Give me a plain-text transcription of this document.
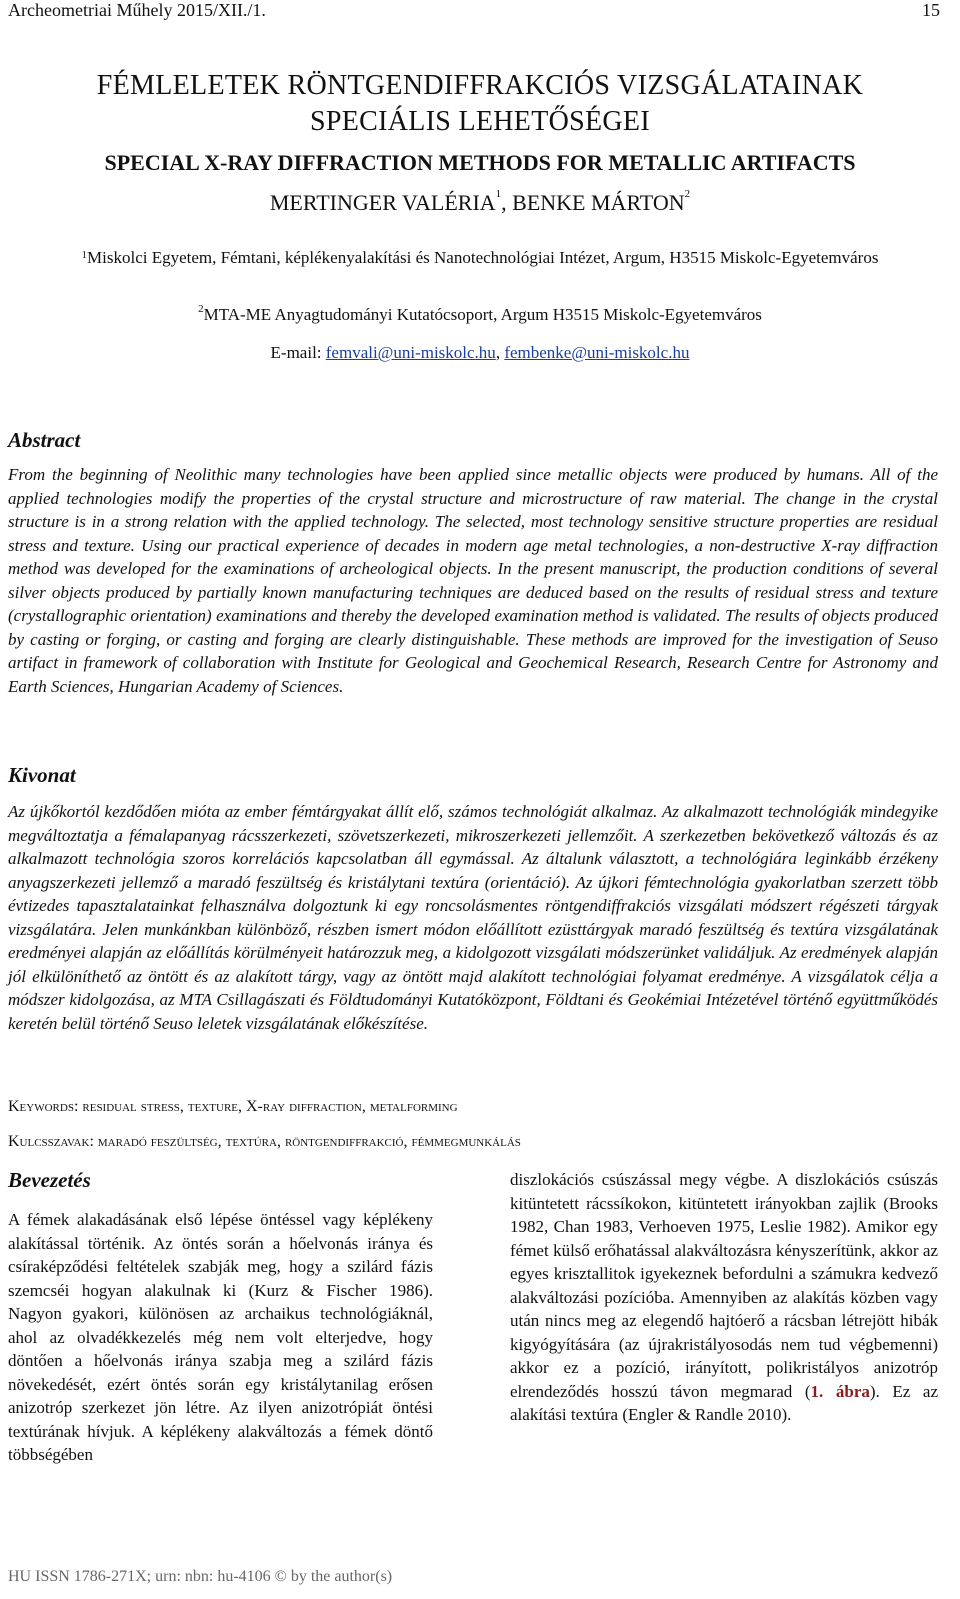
Archeometriai Műhely 2015/XII./1.	15
FÉMLELETEK RÖNTGENDIFFRAKCIÓS VIZSGÁLATAINAK
SPECIÁLIS LEHETŐSÉGEI
SPECIAL X-RAY DIFFRACTION METHODS FOR METALLIC ARTIFACTS
MERTINGER VALÉRIA$^1$, BENKE MÁRTON$^2$
$^1$Miskolci Egyetem, Fémtani, képlékenyalakítási és Nanotechnológiai Intézet, Argum, H3515 Miskolc-Egyetemváros
$^2$MTA-ME Anyagtudományi Kutatócsoport, Argum H3515 Miskolc-Egyetemváros
E-mail: femvali@uni-miskolc.hu, fembenke@uni-miskolc.hu
Abstract
From the beginning of Neolithic many technologies have been applied since metallic objects were produced by humans. All of the applied technologies modify the properties of the crystal structure and microstructure of raw material. The change in the crystal structure is in a strong relation with the applied technology. The selected, most technology sensitive structure properties are residual stress and texture. Using our practical experience of decades in modern age metal technologies, a non-destructive X-ray diffraction method was developed for the examinations of archeological objects. In the present manuscript, the production conditions of several silver objects produced by partially known manufacturing techniques are deduced based on the results of residual stress and texture (crystallographic orientation) examinations and thereby the developed examination method is validated. The results of objects produced by casting or forging, or casting and forging are clearly distinguishable. These methods are improved for the investigation of Seuso artifact in framework of collaboration with Institute for Geological and Geochemical Research, Research Centre for Astronomy and Earth Sciences, Hungarian Academy of Sciences.
Kivonat
Az újkőkortól kezdődően mióta az ember fémtárgyakat állít elő, számos technológiát alkalmaz. Az alkalmazott technológiák mindegyike megváltoztatja a fémalapanyag rácsszerkezeti, szövetszerkezeti, mikroszerkezeti jellemzőit. A szerkezetben bekövetkező változás és az alkalmazott technológia szoros korrelációs kapcsolatban áll egymással. Az általunk választott, a technológiára leginkább érzékeny anyagszerkezeti jellemző a maradó feszültség és kristálytani textúra (orientáció). Az újkori fémtechnológia gyakorlatban szerzett több évtizedes tapasztalatainkat felhasználva dolgoztunk ki egy roncsolásmentes röntgendiffrakciós vizsgálati módszert régészeti tárgyak vizsgálatára. Jelen munkánkban különböző, részben ismert módon előállított ezüsttárgyak maradó feszültség és textúra vizsgálatának eredményei alapján az előállítás körülményeit határozzuk meg, a kidolgozott vizsgálati módszerünket validáljuk. Az eredmények alapján jól elkülöníthető az öntött és az alakított tárgy, vagy az öntött majd alakított technológiai folyamat eredménye. A vizsgálatok célja a módszer kidolgozása, az MTA Csillagászati és Földtudományi Kutatóközpont, Földtani és Geokémiai Intézetével történő együttműködés keretén belül történő Seuso leletek vizsgálatának előkészítése.
Keywords: residual stress, texture, X-ray diffraction, metalforming
Kulcsszavak: maradó feszültség, textúra, röntgendiffrakció, fémmegmunkálás
Bevezetés
A fémek alakadásának első lépése öntéssel vagy képlékeny alakítással történik. Az öntés során a hőelvonás iránya és csíraképződési feltételek szabják meg, hogy a szilárd fázis szemcséi hogyan alakulnak ki (Kurz & Fischer 1986). Nagyon gyakori, különösen az archaikus technológiáknál, ahol az olvadékkezelés még nem volt elterjedve, hogy döntően a hőelvonás iránya szabja meg a szilárd fázis növekedését, ezért öntés során egy kristálytanilag erősen anizotróp szerkezet jön létre. Az ilyen anizotrópiát öntési textúrának hívjuk. A képlékeny alakváltozás a fémek döntő többségében
diszlokációs csúszással megy végbe. A diszlokációs csúszás kitüntetett rácssíkokon, kitüntetett irányokban zajlik (Brooks 1982, Chan 1983, Verhoeven 1975, Leslie 1982). Amikor egy fémet külső erőhatással alakváltozásra kényszerítünk, akkor az egyes krisztallitok igyekeznek befordulni a számukra kedvező alakváltozási pozícióba. Amennyiben az alakítás közben vagy után nincs meg az elegendő hajtóerő a rácsban létrejött hibák kigyógyítására (az újrakristályosodás nem tud végbemenni) akkor ez a pozíció, irányított, polikristályos anizotróp elrendeződés hosszú távon megmarad (1. ábra). Ez az alakítási textúra (Engler & Randle 2010).
HU ISSN 1786-271X; urn: nbn: hu-4106 © by the author(s)
